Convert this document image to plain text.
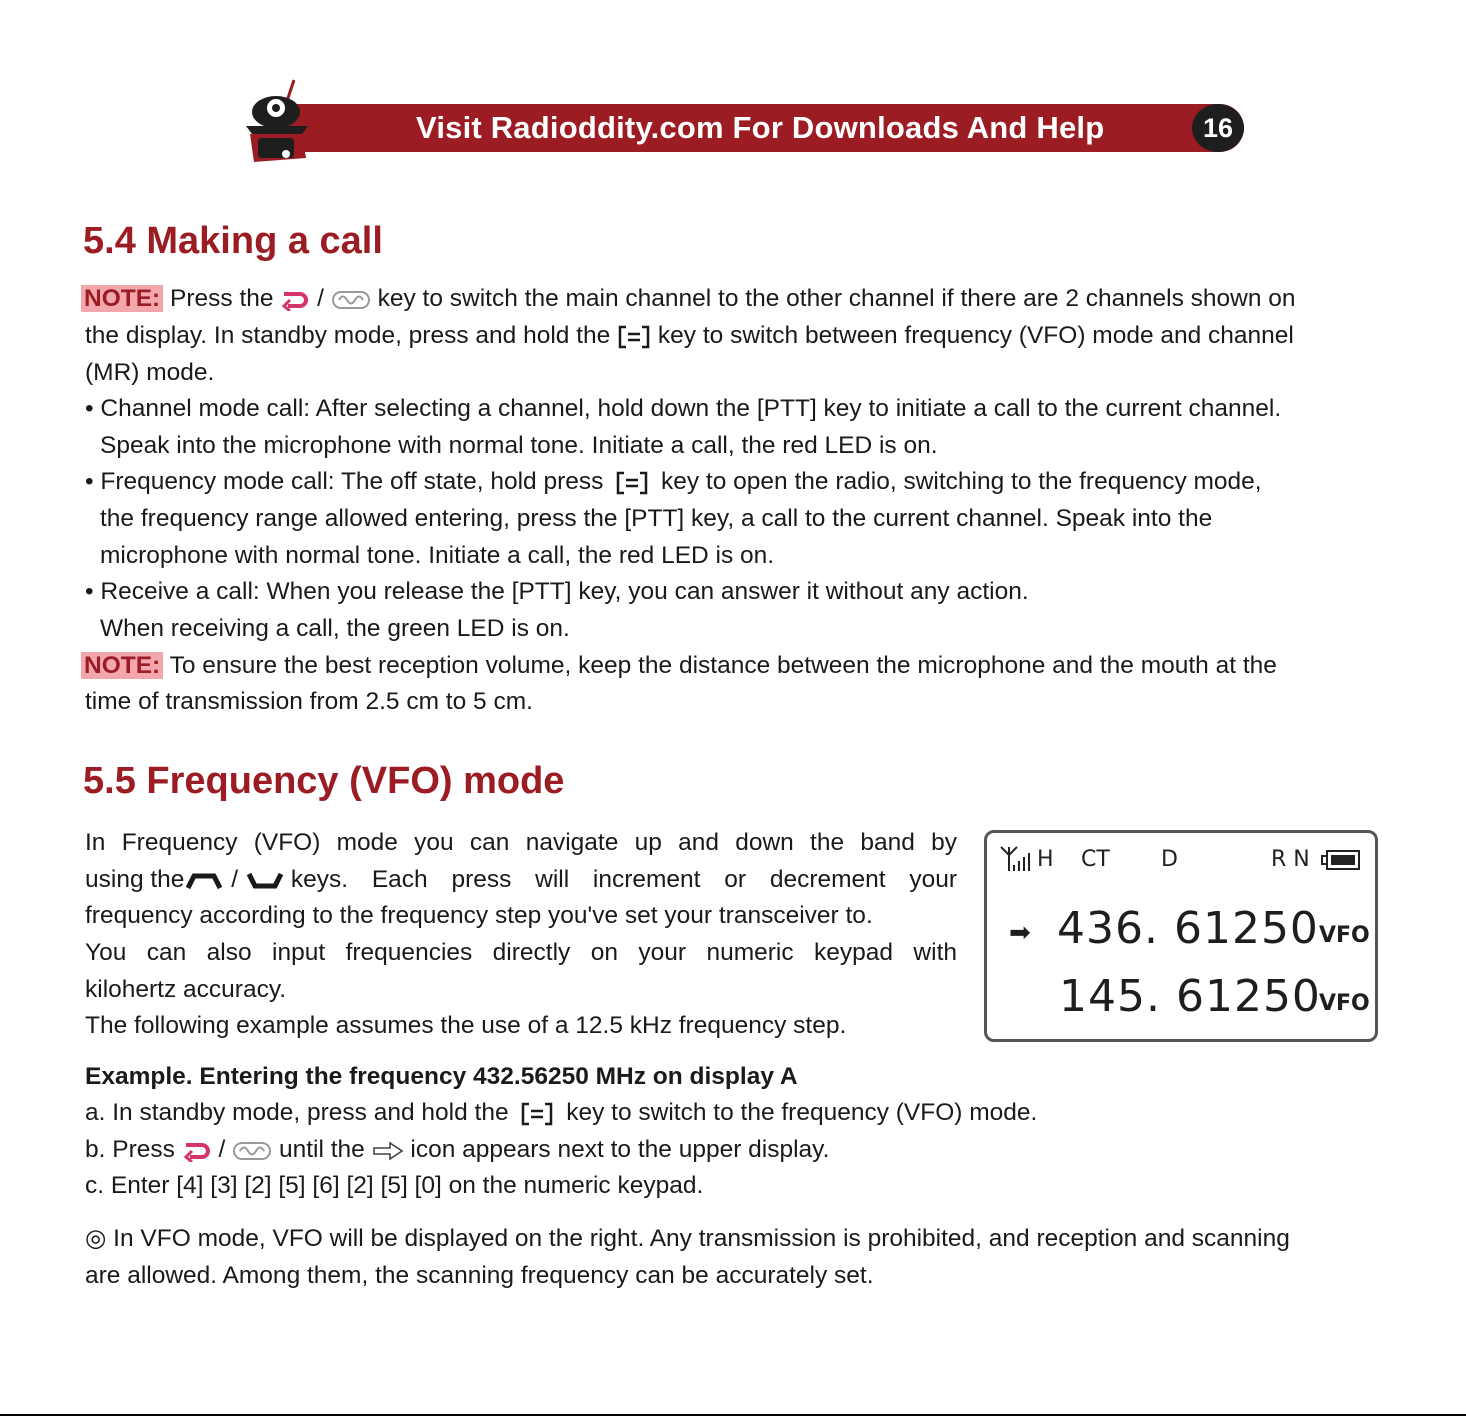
Visit Radioddity.com For Downloads And Help	16
5.4 Making a call
NOTE: Press the / key to switch the main channel to the other channel if there are 2 channels shown on
the display. In standby mode, press and hold the key to switch between frequency (VFO) mode and channel
(MR) mode.
• Channel mode call: After selecting a channel, hold down the [PTT] key to initiate a call to the current channel.
Speak into the microphone with normal tone. Initiate a call, the red LED is on.
• Frequency mode call: The off state, hold press key to open the radio, switching to the frequency mode,
the frequency range allowed entering, press the [PTT] key, a call to the current channel. Speak into the
microphone with normal tone. Initiate a call, the red LED is on.
• Receive a call: When you release the [PTT] key, you can answer it without any action.
When receiving a call, the green LED is on.
NOTE: To ensure the best reception volume, keep the distance between the microphone and the mouth at the
time of transmission from 2.5 cm to 5 cm.
5.5 Frequency (VFO) mode
In Frequency (VFO) mode you can navigate up and down the band by
using the	/	keys. Each press will increment or decrement your
frequency according to the frequency step you've set your transceiver to.
You can also input frequencies directly on your numeric keypad with
kilohertz accuracy.
The following example assumes the use of a 12.5 kHz frequency step.
H CT D	R N
➡ 436. 61250 VFO
145. 61250
VFO
Example. Entering the frequency 432.56250 MHz on display A
a. In standby mode, press and hold the key to switch to the frequency (VFO) mode.
b. Press / until the icon appears next to the upper display.
c. Enter [4] [3] [2] [5] [6] [2] [5] [0] on the numeric keypad.
◎ In VFO mode, VFO will be displayed on the right. Any transmission is prohibited, and reception and scanning
are allowed. Among them, the scanning frequency can be accurately set.
